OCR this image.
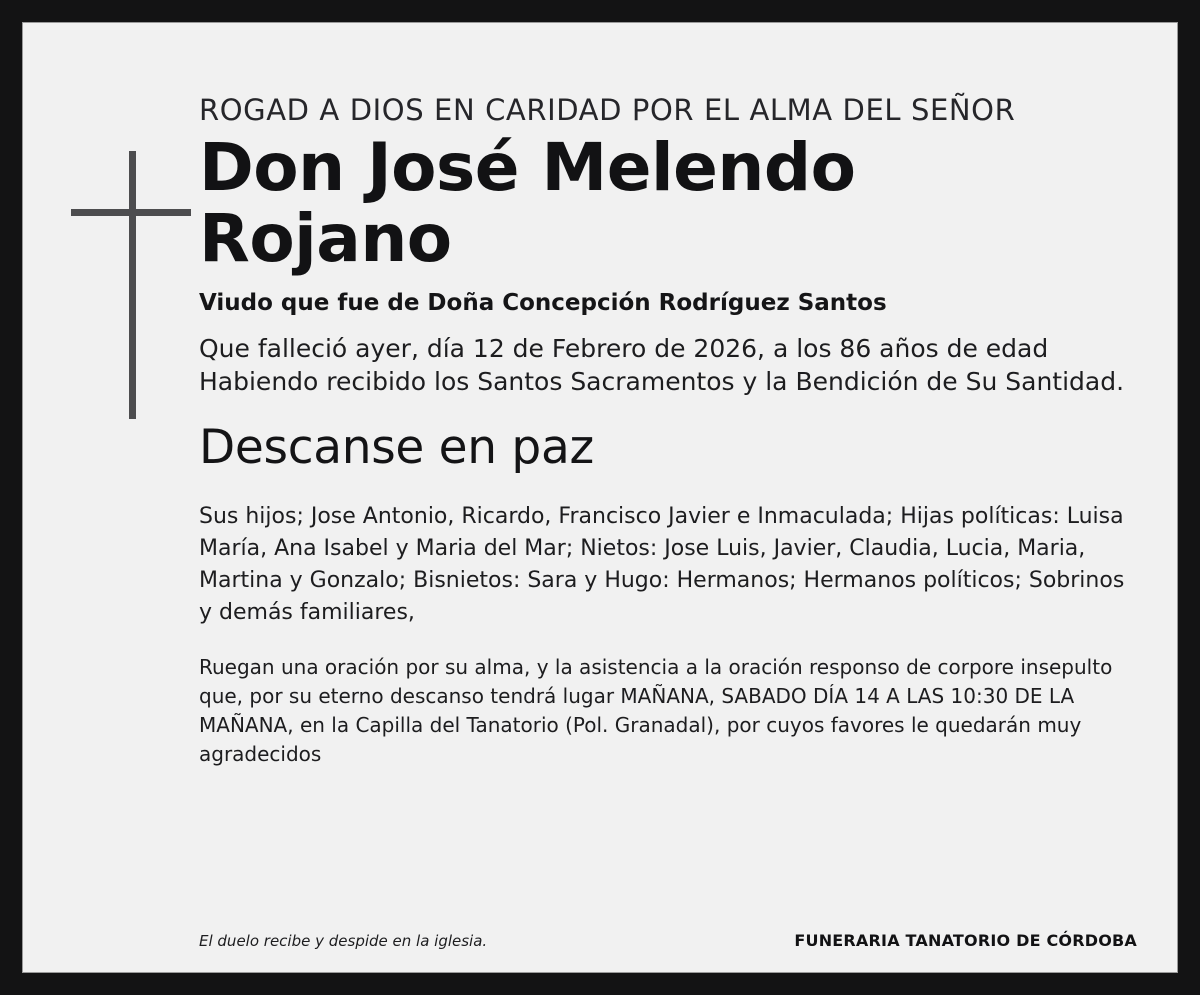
ROGAD A DIOS EN CARIDAD POR EL ALMA DEL SEÑOR

Don José Melendo Rojano

Viudo que fue de Doña Concepción Rodríguez Santos

Que falleció ayer, día 12 de Febrero de 2026, a los 86 años de edad Habiendo recibido los Santos Sacramentos y la Bendición de Su Santidad.

Descanse en paz

Sus hijos; Jose Antonio, Ricardo, Francisco Javier e Inmaculada; Hijas políticas: Luisa María, Ana Isabel y Maria del Mar; Nietos: Jose Luis, Javier, Claudia, Lucia, Maria, Martina y Gonzalo; Bisnietos: Sara y Hugo: Hermanos; Hermanos políticos; Sobrinos y demás familiares,

Ruegan una oración por su alma, y la asistencia a la oración responso de corpore insepulto que, por su eterno descanso tendrá lugar MAÑANA, SABADO DÍA 14 A LAS 10:30 DE LA MAÑANA, en la Capilla del Tanatorio (Pol. Granadal), por cuyos favores le quedarán muy agradecidos

El duelo recibe y despide en la iglesia.	FUNERARIA TANATORIO DE CÓRDOBA
